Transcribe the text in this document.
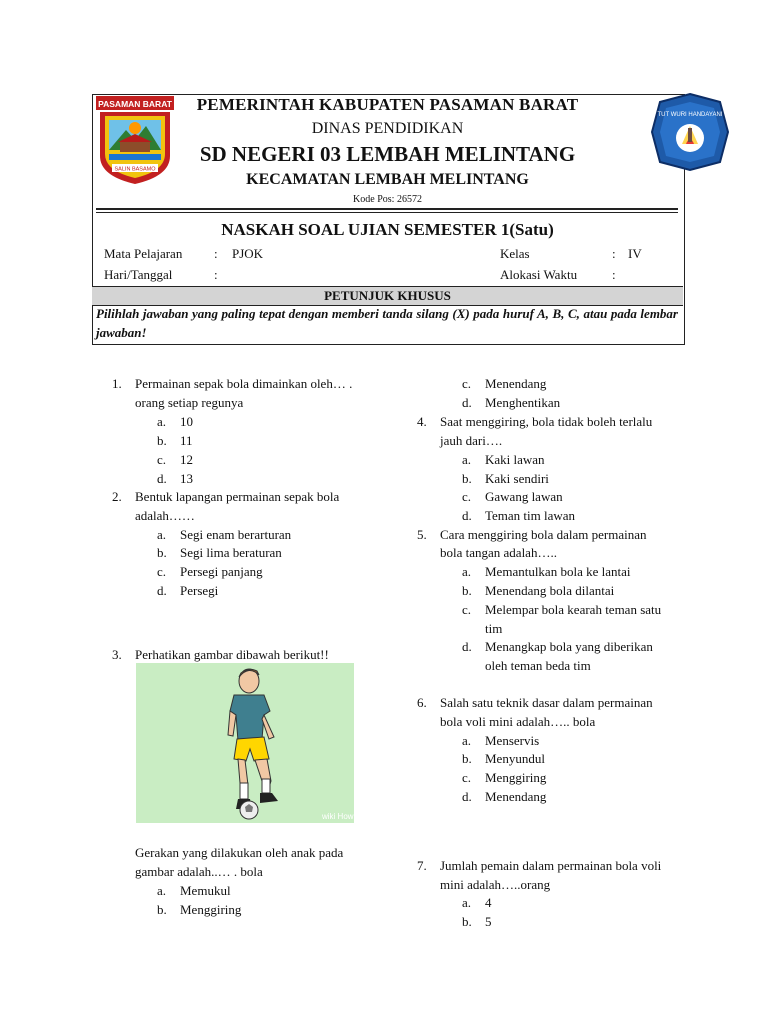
PASAMAN BARAT
SALIN BASAMO
TUT WURI HANDAYANI
PEMERINTAH KABUPATEN PASAMAN BARAT
DINAS PENDIDIKAN
SD NEGERI 03 LEMBAH MELINTANG
KECAMATAN LEMBAH MELINTANG
Kode Pos: 26572
NASKAH SOAL UJIAN SEMESTER 1(Satu)
Mata Pelajaran : PJOK	Kelas	: IV
Hari/Tanggal	:	Alokasi Waktu	:
PETUNJUK KHUSUS
Pilihlah jawaban yang paling tepat dengan memberi tanda silang (X) pada huruf A, B, C, atau pada lembar jawaban!
1. Permainan sepak bola dimainkan oleh… .
orang setiap regunya
a. 10
b. 11
c. 12
d. 13
2. Bentuk lapangan permainan sepak bola
adalah……
a. Segi enam berarturan
b. Segi lima beraturan
c. Persegi panjang
d. Persegi
3. Perhatikan gambar dibawah berikut!!
wiki How
Gerakan yang dilakukan oleh anak pada
gambar adalah..… . bola
a. Memukul
b. Menggiring
c. Menendang
d. Menghentikan
4. Saat menggiring, bola tidak boleh terlalu
jauh dari….
a. Kaki lawan
b. Kaki sendiri
c. Gawang lawan
d. Teman tim lawan
5. Cara menggiring bola dalam permainan
bola tangan adalah…..
a. Memantulkan bola ke lantai
b. Menendang bola dilantai
c. Melempar bola kearah teman satu
tim
d. Menangkap bola yang diberikan
oleh teman beda tim
6. Salah satu teknik dasar dalam permainan
bola voli mini adalah….. bola
a. Menservis
b. Menyundul
c. Menggiring
d. Menendang
7. Jumlah pemain dalam permainan bola voli
mini adalah…..orang
a. 4
b. 5
